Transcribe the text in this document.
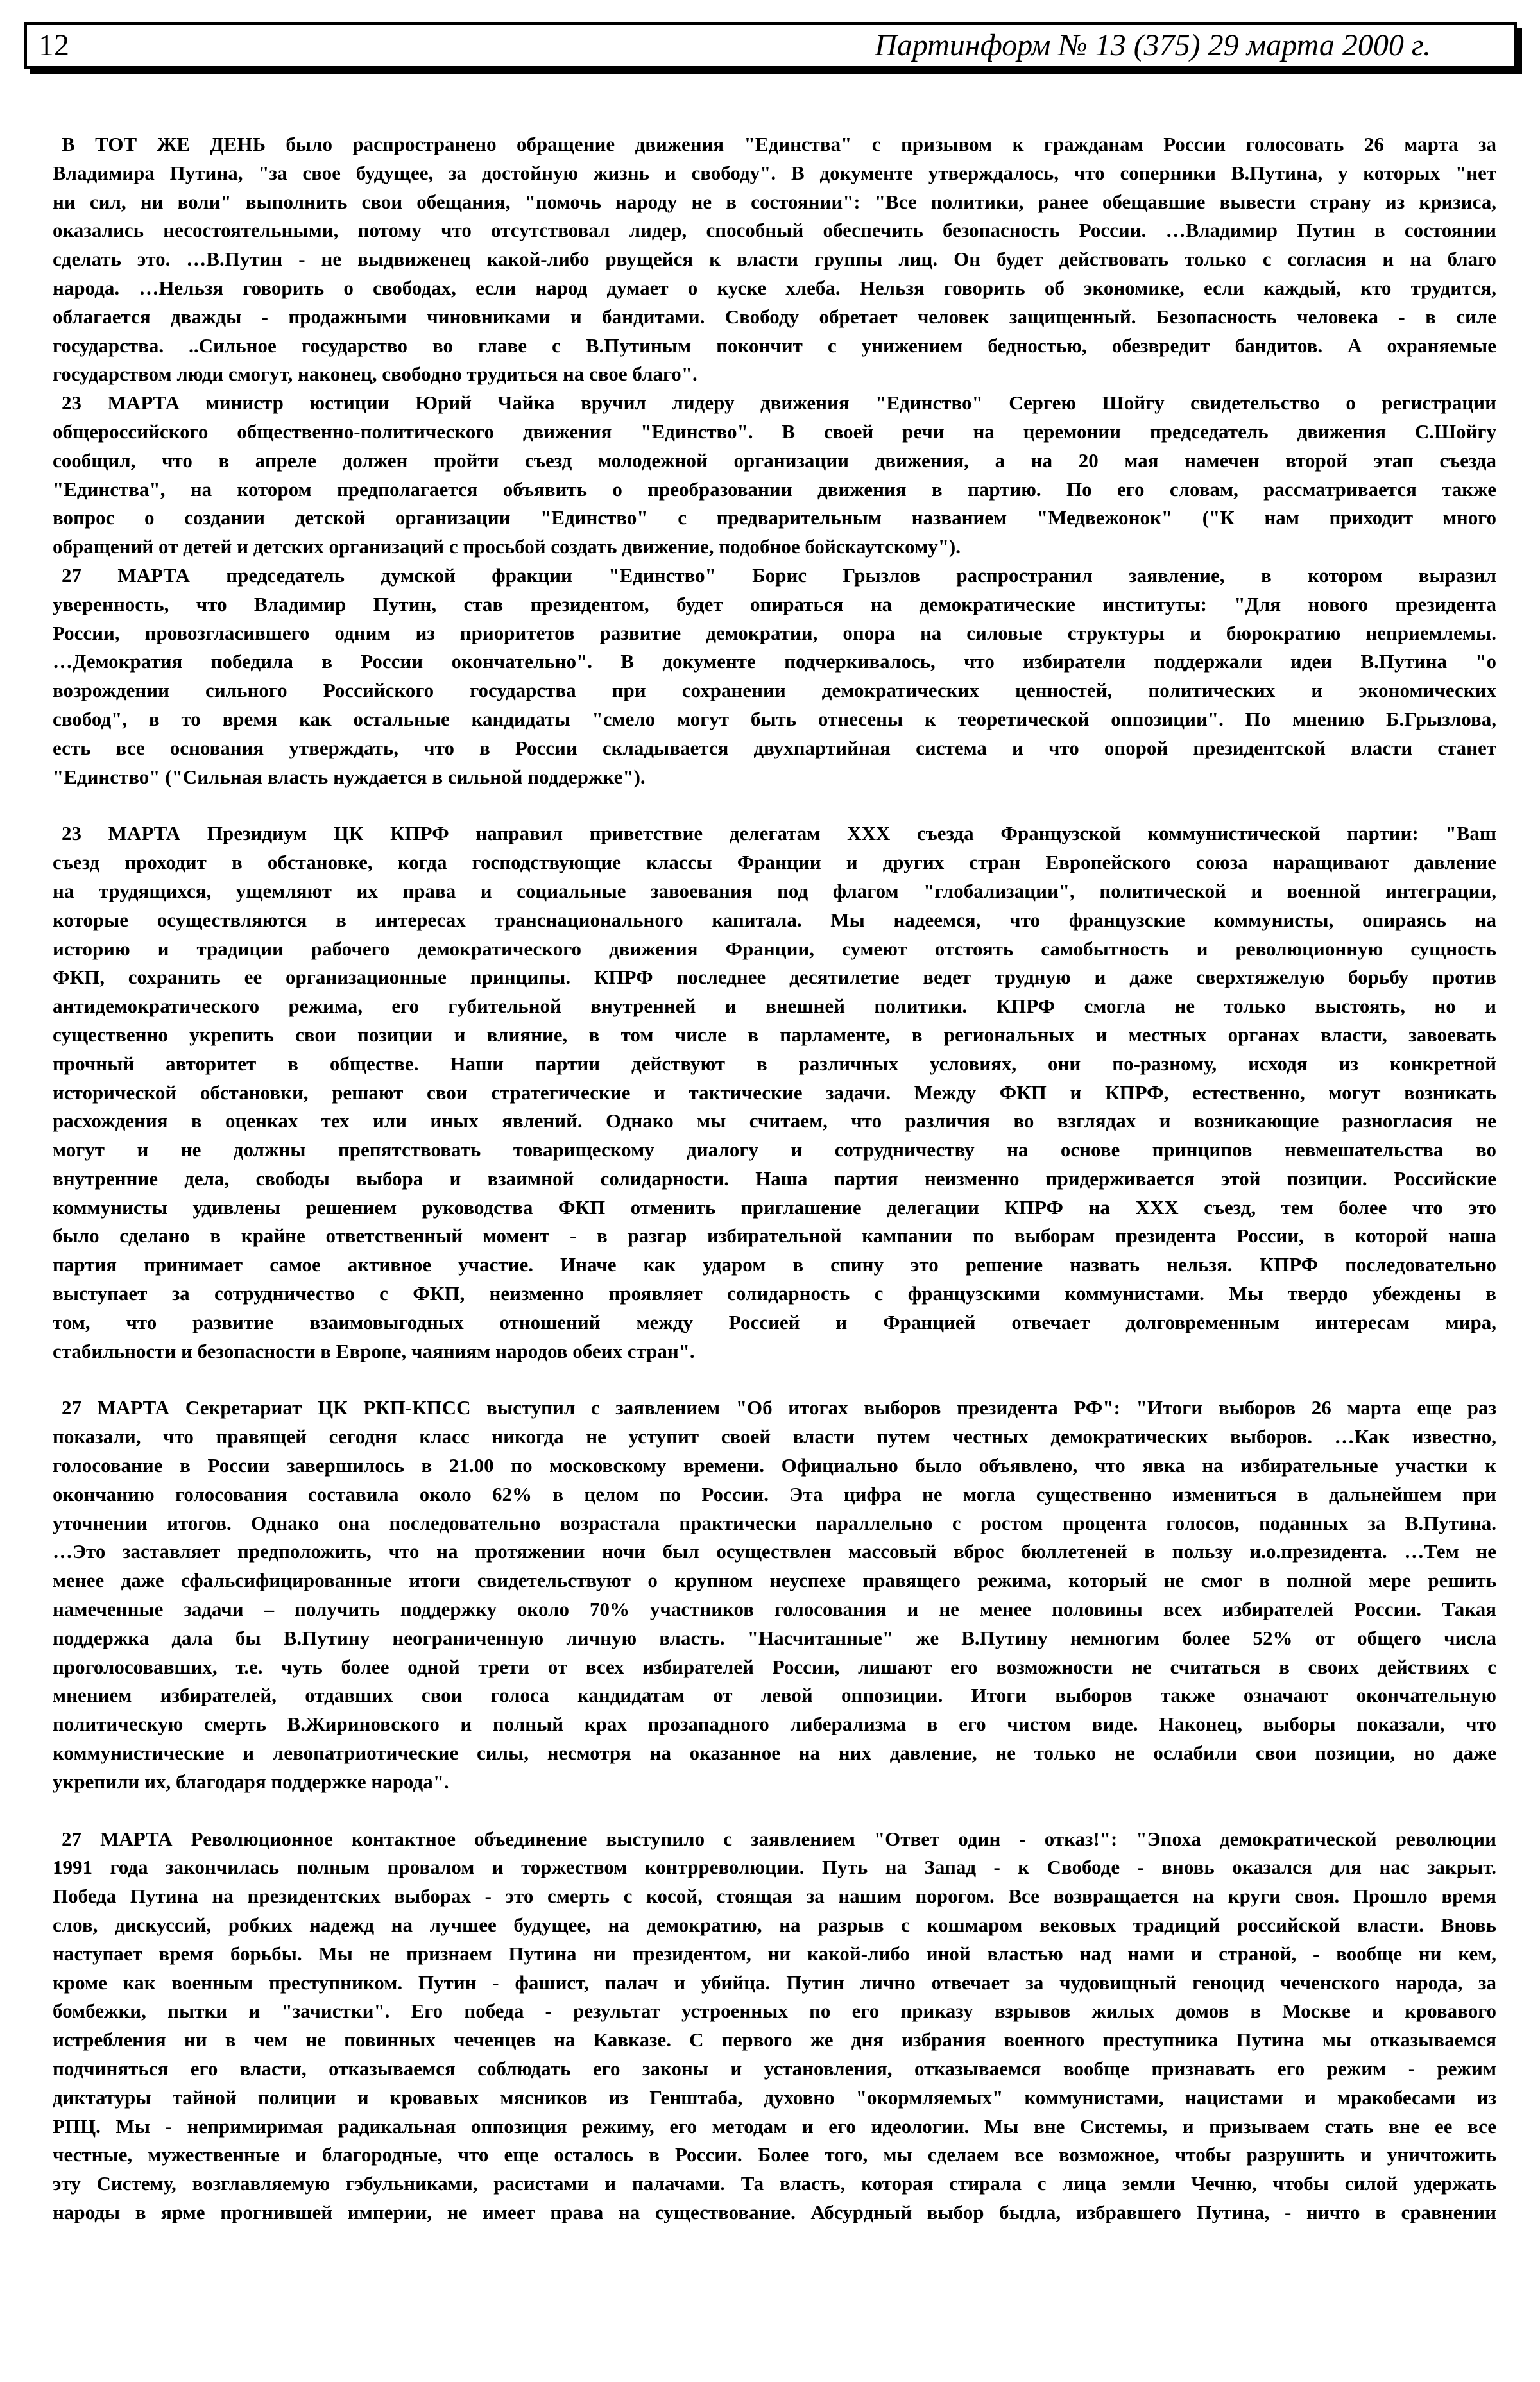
12	Партинформ № 13 (375) 29 марта 2000 г.
В ТОТ ЖЕ ДЕНЬ было распространено обращение движения "Единства" с призывом к гражданам России голосовать 26 марта за
Владимира Путина, "за свое будущее, за достойную жизнь и свободу". В документе утверждалось, что соперники В.Путина, у которых "нет
ни сил, ни воли" выполнить свои обещания, "помочь народу не в состоянии": "Все политики, ранее обещавшие вывести страну из кризиса,
оказались несостоятельными, потому что отсутствовал лидер, способный обеспечить безопасность России. …Владимир Путин в состоянии
сделать это. …В.Путин - не выдвиженец какой-либо рвущейся к власти группы лиц. Он будет действовать только с согласия и на благо
народа. …Нельзя говорить о свободах, если народ думает о куске хлеба. Нельзя говорить об экономике, если каждый, кто трудится,
облагается дважды - продажными чиновниками и бандитами. Свободу обретает человек защищенный. Безопасность человека - в силе
государства. ..Сильное государство во главе с В.Путиным покончит с унижением бедностью, обезвредит бандитов. А охраняемые
государством люди смогут, наконец, свободно трудиться на свое благо".
23 МАРТА министр юстиции Юрий Чайка вручил лидеру движения "Единство" Сергею Шойгу свидетельство о регистрации
общероссийского общественно-политического движения "Единство". В своей речи на церемонии председатель движения С.Шойгу
сообщил, что в апреле должен пройти съезд молодежной организации движения, а на 20 мая намечен второй этап съезда
"Единства", на котором предполагается объявить о преобразовании движения в партию. По его словам, рассматривается также
вопрос о создании детской организации "Единство" с предварительным названием "Медвежонок" ("К нам приходит много
обращений от детей и детских организаций с просьбой создать движение, подобное бойскаутскому").
27 МАРТА председатель думской фракции "Единство" Борис Грызлов распространил заявление, в котором выразил
уверенность, что Владимир Путин, став президентом, будет опираться на демократические институты: "Для нового президента
России, провозгласившего одним из приоритетов развитие демократии, опора на силовые структуры и бюрократию неприемлемы.
…Демократия победила в России окончательно". В документе подчеркивалось, что избиратели поддержали идеи В.Путина "о
возрождении сильного Российского государства при сохранении демократических ценностей, политических и экономических
свобод", в то время как остальные кандидаты "смело могут быть отнесены к теоретической оппозиции". По мнению Б.Грызлова,
есть все основания утверждать, что в России складывается двухпартийная система и что опорой президентской власти станет
"Единство" ("Сильная власть нуждается в сильной поддержке").
23 МАРТА Президиум ЦК КПРФ направил приветствие делегатам XXX съезда Французской коммунистической партии: "Ваш
съезд проходит в обстановке, когда господствующие классы Франции и других стран Европейского союза наращивают давление
на трудящихся, ущемляют их права и социальные завоевания под флагом "глобализации", политической и военной интеграции,
которые осуществляются в интересах транснационального капитала. Мы надеемся, что французские коммунисты, опираясь на
историю и традиции рабочего демократического движения Франции, сумеют отстоять самобытность и революционную сущность
ФКП, сохранить ее организационные принципы. КПРФ последнее десятилетие ведет трудную и даже сверхтяжелую борьбу против
антидемократического режима, его губительной внутренней и внешней политики. КПРФ смогла не только выстоять, но и
существенно укрепить свои позиции и влияние, в том числе в парламенте, в региональных и местных органах власти, завоевать
прочный авторитет в обществе. Наши партии действуют в различных условиях, они по-разному, исходя из конкретной
исторической обстановки, решают свои стратегические и тактические задачи. Между ФКП и КПРФ, естественно, могут возникать
расхождения в оценках тех или иных явлений. Однако мы считаем, что различия во взглядах и возникающие разногласия не
могут и не должны препятствовать товарищескому диалогу и сотрудничеству на основе принципов невмешательства во
внутренние дела, свободы выбора и взаимной солидарности. Наша партия неизменно придерживается этой позиции. Российские
коммунисты удивлены решением руководства ФКП отменить приглашение делегации КПРФ на XXX съезд, тем более что это
было сделано в крайне ответственный момент - в разгар избирательной кампании по выборам президента России, в которой наша
партия принимает самое активное участие. Иначе как ударом в спину это решение назвать нельзя. КПРФ последовательно
выступает за сотрудничество с ФКП, неизменно проявляет солидарность с французскими коммунистами. Мы твердо убеждены в
том, что развитие взаимовыгодных отношений между Россией и Францией отвечает долговременным интересам мира,
стабильности и безопасности в Европе, чаяниям народов обеих стран".
27 МАРТА Секретариат ЦК РКП-КПСС выступил с заявлением "Об итогах выборов президента РФ": "Итоги выборов 26 марта еще раз
показали, что правящей сегодня класс никогда не уступит своей власти путем честных демократических выборов. …Как известно,
голосование в России завершилось в 21.00 по московскому времени. Официально было объявлено, что явка на избирательные участки к
окончанию голосования составила около 62% в целом по России. Эта цифра не могла существенно измениться в дальнейшем при
уточнении итогов. Однако она последовательно возрастала практически параллельно с ростом процента голосов, поданных за В.Путина.
…Это заставляет предположить, что на протяжении ночи был осуществлен массовый вброс бюллетеней в пользу и.о.президента. …Тем не
менее даже сфальсифицированные итоги свидетельствуют о крупном неуспехе правящего режима, который не смог в полной мере решить
намеченные задачи – получить поддержку около 70% участников голосования и не менее половины всех избирателей России. Такая
поддержка дала бы В.Путину неограниченную личную власть. "Насчитанные" же В.Путину немногим более 52% от общего числа
проголосовавших, т.е. чуть более одной трети от всех избирателей России, лишают его возможности не считаться в своих действиях с
мнением избирателей, отдавших свои голоса кандидатам от левой оппозиции. Итоги выборов также означают окончательную
политическую смерть В.Жириновского и полный крах прозападного либерализма в его чистом виде. Наконец, выборы показали, что
коммунистические и левопатриотические силы, несмотря на оказанное на них давление, не только не ослабили свои позиции, но даже
укрепили их, благодаря поддержке народа".
27 МАРТА Революционное контактное объединение выступило с заявлением "Ответ один - отказ!": "Эпоха демократической революции
1991 года закончилась полным провалом и торжеством контрреволюции. Путь на Запад - к Свободе - вновь оказался для нас закрыт.
Победа Путина на президентских выборах - это смерть с косой, стоящая за нашим порогом. Все возвращается на круги своя. Прошло время
слов, дискуссий, робких надежд на лучшее будущее, на демократию, на разрыв с кошмаром вековых традиций российской власти. Вновь
наступает время борьбы. Мы не признаем Путина ни президентом, ни какой-либо иной властью над нами и страной, - вообще ни кем,
кроме как военным преступником. Путин - фашист, палач и убийца. Путин лично отвечает за чудовищный геноцид чеченского народа, за
бомбежки, пытки и "зачистки". Его победа - результат устроенных по его приказу взрывов жилых домов в Москве и кровавого
истребления ни в чем не повинных чеченцев на Кавказе. С первого же дня избрания военного преступника Путина мы отказываемся
подчиняться его власти, отказываемся соблюдать его законы и установления, отказываемся вообще признавать его режим - режим
диктатуры тайной полиции и кровавых мясников из Генштаба, духовно "окормляемых" коммунистами, нацистами и мракобесами из
РПЦ. Мы - непримиримая радикальная оппозиция режиму, его методам и его идеологии. Мы вне Системы, и призываем стать вне ее все
честные, мужественные и благородные, что еще осталось в России. Более того, мы сделаем все возможное, чтобы разрушить и уничтожить
эту Систему, возглавляемую гэбульниками, расистами и палачами. Та власть, которая стирала с лица земли Чечню, чтобы силой удержать
народы в ярме прогнившей империи, не имеет права на существование. Абсурдный выбор быдла, избравшего Путина, - ничто в сравнении
